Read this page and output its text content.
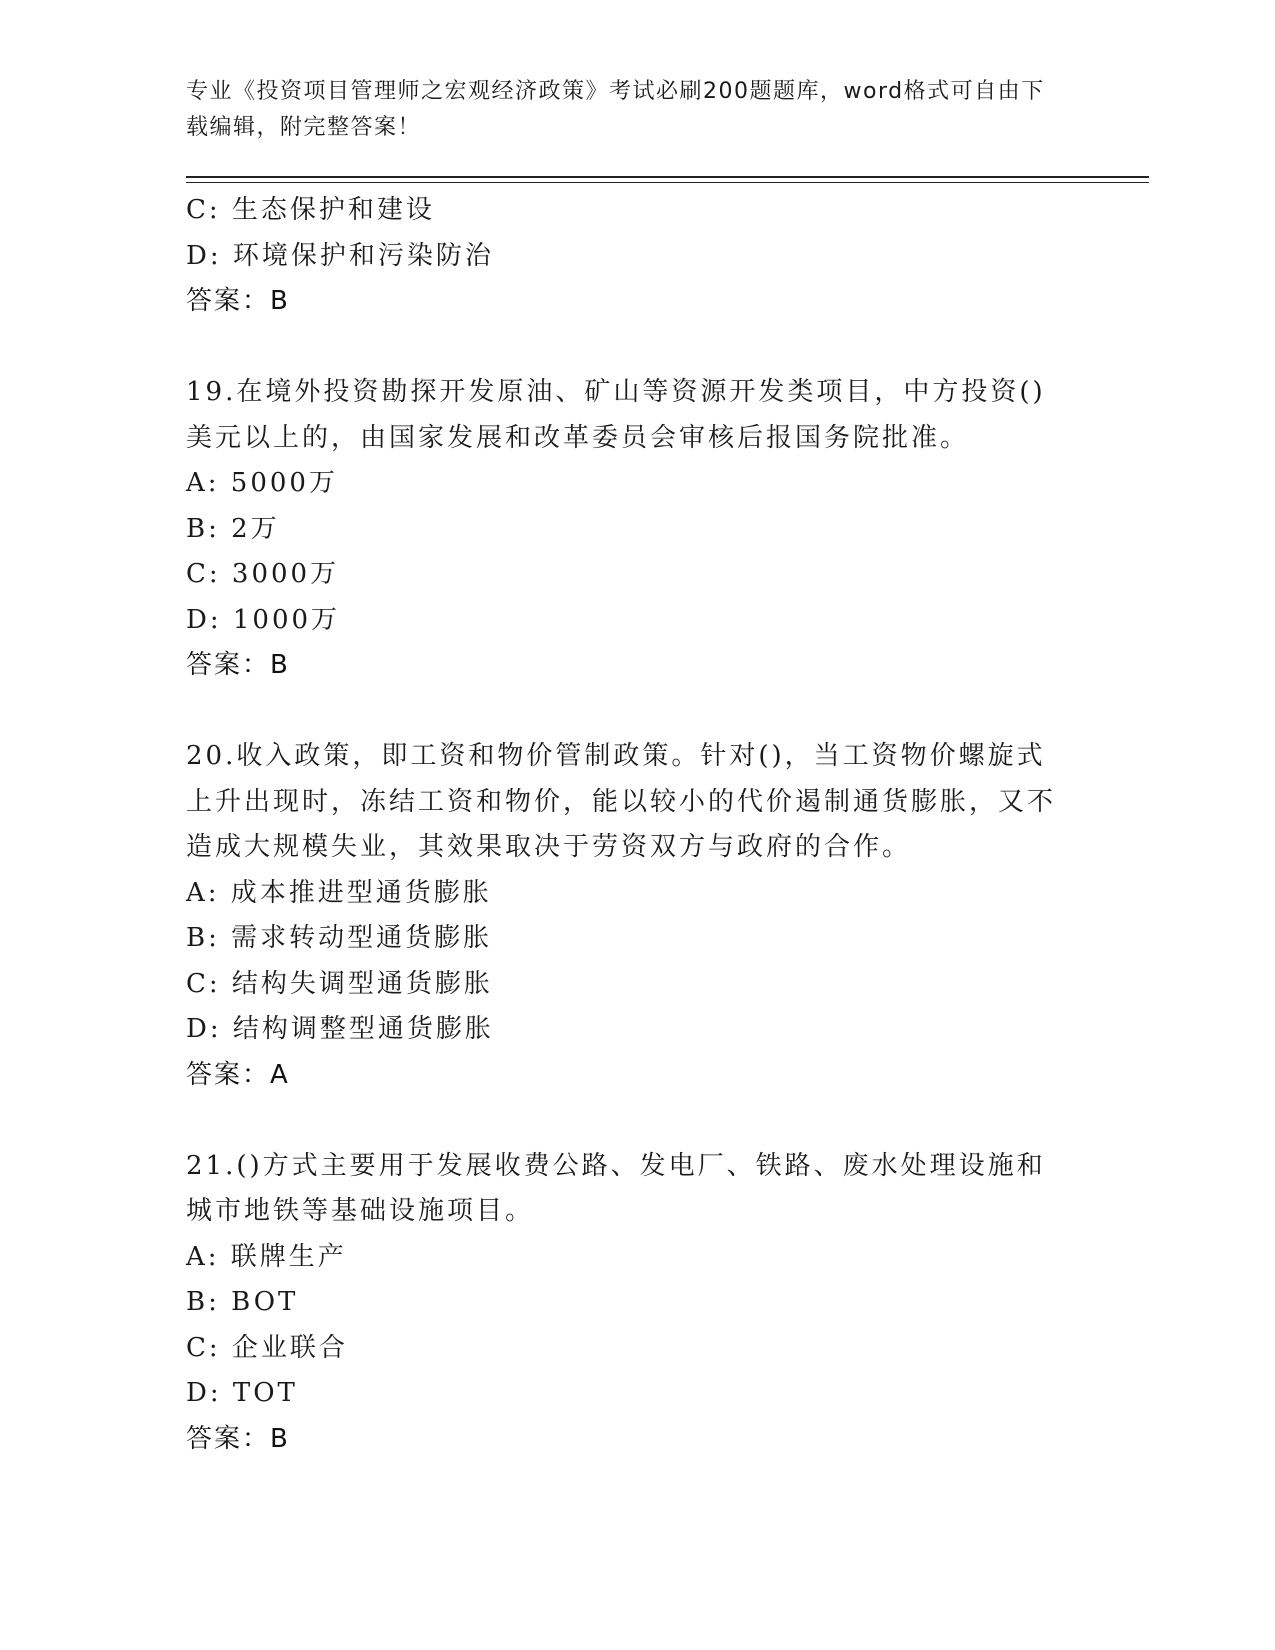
专业《投资项目管理师之宏观经济政策》考试必刷200题题库，word格式可自由下载编辑，附完整答案！
C: 生态保护和建设
D: 环境保护和污染防治
答案：B
19.在境外投资勘探开发原油、矿山等资源开发类项目，中方投资()美元以上的，由国家发展和改革委员会审核后报国务院批准。
A: 5000万
B: 2万
C: 3000万
D: 1000万
答案：B
20.收入政策，即工资和物价管制政策。针对()，当工资物价螺旋式上升出现时，冻结工资和物价，能以较小的代价遏制通货膨胀，又不造成大规模失业，其效果取决于劳资双方与政府的合作。
A: 成本推进型通货膨胀
B: 需求转动型通货膨胀
C: 结构失调型通货膨胀
D: 结构调整型通货膨胀
答案：A
21.()方式主要用于发展收费公路、发电厂、铁路、废水处理设施和城市地铁等基础设施项目。
A: 联牌生产
B: BOT
C: 企业联合
D: TOT
答案：B
